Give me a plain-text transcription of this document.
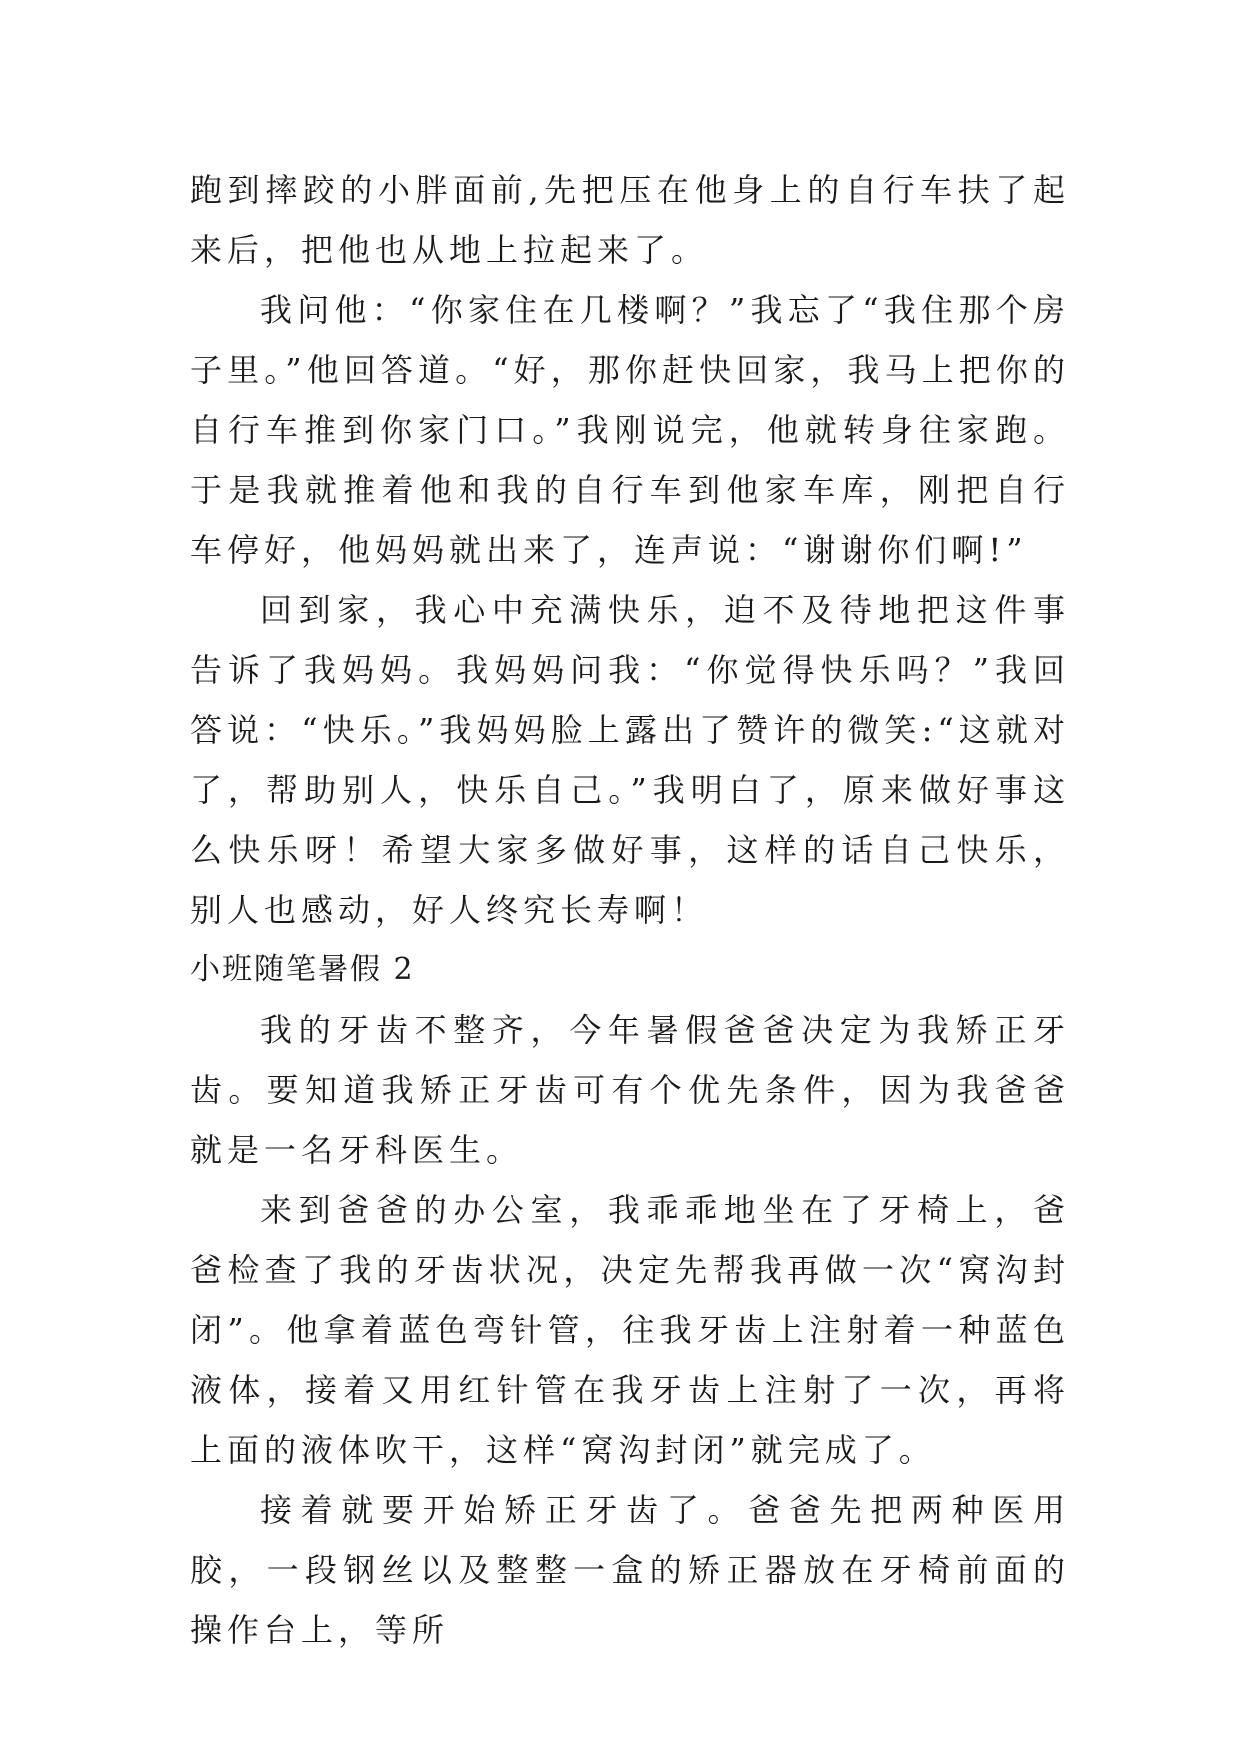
跑到摔跤的小胖面前,先把压在他身上的自行车扶了起来后，把他也从地上拉起来了。

我问他：“你家住在几楼啊？”我忘了“我住那个房子里。”他回答道。“好，那你赶快回家，我马上把你的自行车推到你家门口。”我刚说完，他就转身往家跑。于是我就推着他和我的自行车到他家车库，刚把自行车停好，他妈妈就出来了，连声说：“谢谢你们啊!”

回到家，我心中充满快乐，迫不及待地把这件事告诉了我妈妈。我妈妈问我：“你觉得快乐吗？”我回答说：“快乐。”我妈妈脸上露出了赞许的微笑:“这就对了，帮助别人，快乐自己。”我明白了，原来做好事这么快乐呀！希望大家多做好事，这样的话自己快乐，别人也感动，好人终究长寿啊！

小班随笔暑假 2

我的牙齿不整齐，今年暑假爸爸决定为我矫正牙齿。要知道我矫正牙齿可有个优先条件，因为我爸爸就是一名牙科医生。

来到爸爸的办公室，我乖乖地坐在了牙椅上，爸爸检查了我的牙齿状况，决定先帮我再做一次“窝沟封闭”。他拿着蓝色弯针管，往我牙齿上注射着一种蓝色液体，接着又用红针管在我牙齿上注射了一次，再将上面的液体吹干，这样“窝沟封闭”就完成了。

接着就要开始矫正牙齿了。爸爸先把两种医用胶，一段钢丝以及整整一盒的矫正器放在牙椅前面的操作台上，等所
